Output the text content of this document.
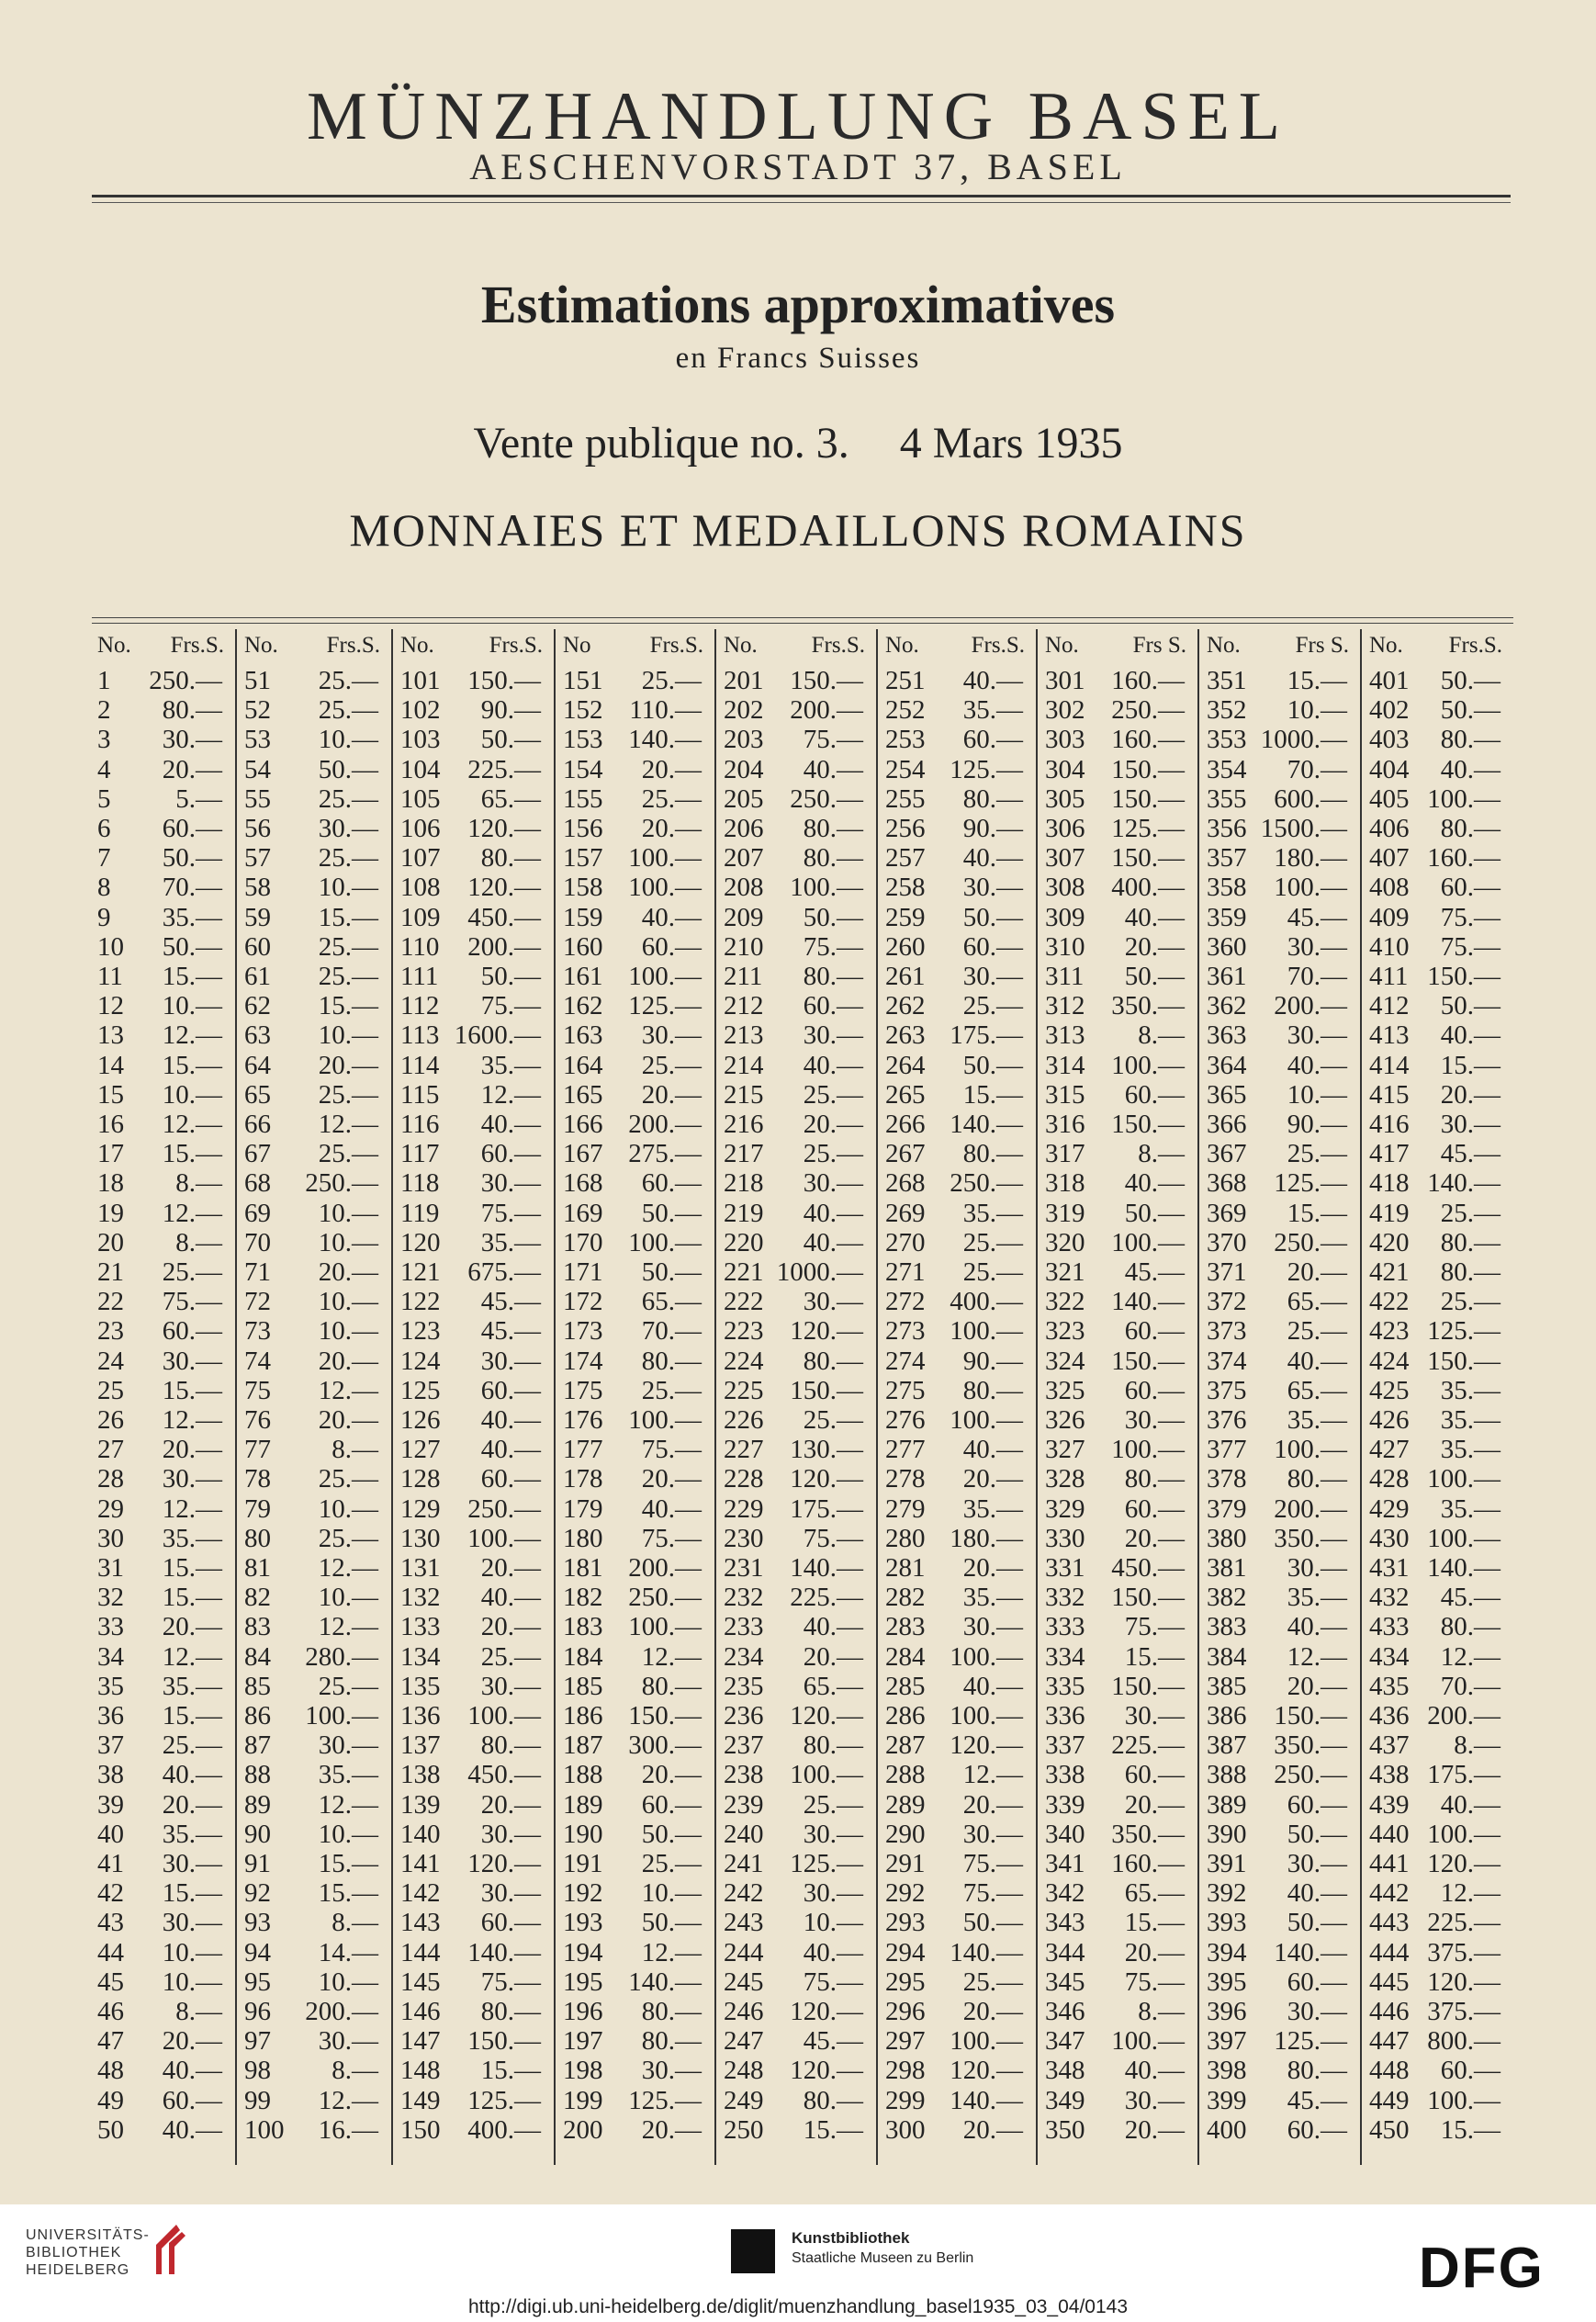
MÜNZHANDLUNG BASEL
AESCHENVORSTADT 37, BASEL
Estimations approximatives
en Francs Suisses
Vente publique no. 3. 4 Mars 1935
MONNAIES ET MEDAILLONS ROMAINS
No. Frs.S.
1	250.—
2	80.—
3	30.—
4	20.—
5	5.—
6	60.—
7	50.—
8	70.—
9	35.—
10	50.—
11	15.—
12	10.—
13	12.—
14	15.—
15	10.—
16	12.—
17	15.—
18	8.—
19	12.—
20	8.—
21	25.—
22	75.—
23	60.—
24	30.—
25	15.—
26	12.—
27	20.—
28	30.—
29	12.—
30	35.—
31	15.—
32	15.—
33	20.—
34	12.—
35	35.—
36	15.—
37	25.—
38	40.—
39	20.—
40	35.—
41	30.—
42	15.—
43	30.—
44	10.—
45	10.—
46	8.—
47	20.—
48	40.—
49	60.—
50	40.—
No. Frs.S.
51	25.—
52	25.—
53	10.—
54	50.—
55	25.—
56	30.—
57	25.—
58	10.—
59	15.—
60	25.—
61	25.—
62	15.—
63	10.—
64	20.—
65	25.—
66	12.—
67	25.—
68	250.—
69	10.—
70	10.—
71	20.—
72	10.—
73	10.—
74	20.—
75	12.—
76	20.—
77	8.—
78	25.—
79	10.—
80	25.—
81	12.—
82	10.—
83	12.—
84	280.—
85	25.—
86	100.—
87	30.—
88	35.—
89	12.—
90	10.—
91	15.—
92	15.—
93	8.—
94	14.—
95	10.—
96	200.—
97	30.—
98	8.—
99	12.—
100	16.—
No. Frs.S.
101	150.—
102	90.—
103	50.—
104	225.—
105	65.—
106	120.—
107	80.—
108	120.—
109	450.—
110	200.—
111	50.—
112	75.—
113 1600.—
114	35.—
115	12.—
116	40.—
117	60.—
118	30.—
119	75.—
120	35.—
121	675.—
122	45.—
123	45.—
124	30.—
125	60.—
126	40.—
127	40.—
128	60.—
129	250.—
130	100.—
131	20.—
132	40.—
133	20.—
134	25.—
135	30.—
136	100.—
137	80.—
138	450.—
139	20.—
140	30.—
141	120.—
142	30.—
143	60.—
144	140.—
145	75.—
146	80.—
147	150.—
148	15.—
149	125.—
150	400.—
No	Frs.S.
151	25.—
152 110.—
153 140.—
154	20.—
155	25.—
156	20.—
157 100.—
158 100.—
159	40.—
160	60.—
161 100.—
162 125.—
163	30.—
164	25.—
165	20.—
166 200.—
167 275.—
168	60.—
169	50.—
170 100.—
171	50.—
172	65.—
173	70.—
174	80.—
175	25.—
176 100.—
177	75.—
178	20.—
179	40.—
180	75.—
181 200.—
182 250.—
183 100.—
184	12.—
185	80.—
186 150.—
187 300.—
188	20.—
189	60.—
190	50.—
191	25.—
192	10.—
193	50.—
194	12.—
195 140.—
196	80.—
197	80.—
198	30.—
199 125.—
200	20.—
No. Frs.S.
201 150.—
202 200.—
203	75.—
204	40.—
205 250.—
206	80.—
207	80.—
208 100.—
209	50.—
210	75.—
211	80.—
212	60.—
213	30.—
214	40.—
215	25.—
216	20.—
217	25.—
218	30.—
219	40.—
220	40.—
221 1000.—
222	30.—
223 120.—
224	80.—
225 150.—
226	25.—
227 130.—
228 120.—
229 175.—
230	75.—
231 140.—
232 225.—
233	40.—
234	20.—
235	65.—
236 120.—
237	80.—
238 100.—
239	25.—
240	30.—
241 125.—
242	30.—
243	10.—
244	40.—
245	75.—
246 120.—
247	45.—
248 120.—
249	80.—
250	15.—
No. Frs.S.
251	40.—
252	35.—
253	60.—
254 125.—
255	80.—
256	90.—
257	40.—
258	30.—
259	50.—
260	60.—
261	30.—
262	25.—
263 175.—
264	50.—
265	15.—
266 140.—
267	80.—
268 250.—
269	35.—
270	25.—
271	25.—
272 400.—
273 100.—
274	90.—
275	80.—
276 100.—
277	40.—
278	20.—
279	35.—
280 180.—
281	20.—
282	35.—
283	30.—
284 100.—
285	40.—
286 100.—
287 120.—
288	12.—
289	20.—
290	30.—
291	75.—
292	75.—
293	50.—
294 140.—
295	25.—
296	20.—
297 100.—
298 120.—
299 140.—
300	20.—
No. Frs S.
301 160.—
302 250.—
303 160.—
304 150.—
305 150.—
306 125.—
307 150.—
308 400.—
309	40.—
310	20.—
311	50.—
312 350.—
313	8.—
314 100.—
315	60.—
316 150.—
317	8.—
318	40.—
319	50.—
320 100.—
321	45.—
322 140.—
323	60.—
324 150.—
325	60.—
326	30.—
327 100.—
328	80.—
329	60.—
330	20.—
331 450.—
332 150.—
333	75.—
334	15.—
335 150.—
336	30.—
337 225.—
338	60.—
339	20.—
340 350.—
341 160.—
342	65.—
343	15.—
344	20.—
345	75.—
346	8.—
347 100.—
348	40.—
349	30.—
350	20.—
No. Frs S.
351	15.—
352	10.—
353 1000.—
354	70.—
355	600.—
356 1500.—
357	180.—
358	100.—
359	45.—
360	30.—
361	70.—
362	200.—
363	30.—
364	40.—
365	10.—
366	90.—
367	25.—
368	125.—
369	15.—
370	250.—
371	20.—
372	65.—
373	25.—
374	40.—
375	65.—
376	35.—
377	100.—
378	80.—
379	200.—
380	350.—
381	30.—
382	35.—
383	40.—
384	12.—
385	20.—
386	150.—
387	350.—
388	250.—
389	60.—
390	50.—
391	30.—
392	40.—
393	50.—
394	140.—
395	60.—
396	30.—
397	125.—
398	80.—
399	45.—
400	60.—
No. Frs.S.
401	50.—
402	50.—
403	80.—
404	40.—
405 100.—
406	80.—
407 160.—
408	60.—
409	75.—
410	75.—
411 150.—
412	50.—
413	40.—
414	15.—
415	20.—
416	30.—
417	45.—
418 140.—
419	25.—
420	80.—
421	80.—
422	25.—
423 125.—
424 150.—
425	35.—
426	35.—
427	35.—
428 100.—
429	35.—
430 100.—
431 140.—
432	45.—
433	80.—
434	12.—
435	70.—
436 200.—
437	8.—
438 175.—
439	40.—
440 100.—
441 120.—
442	12.—
443 225.—
444 375.—
445 120.—
446 375.—
447 800.—
448	60.—
449 100.—
450	15.—
UNIVERSITÄTS-
BIBLIOTHEK
HEIDELBERG
Kunstbibliothek
Staatliche Museen zu Berlin	DFG
http://digi.ub.uni-heidelberg.de/diglit/muenzhandlung_basel1935_03_04/0143
